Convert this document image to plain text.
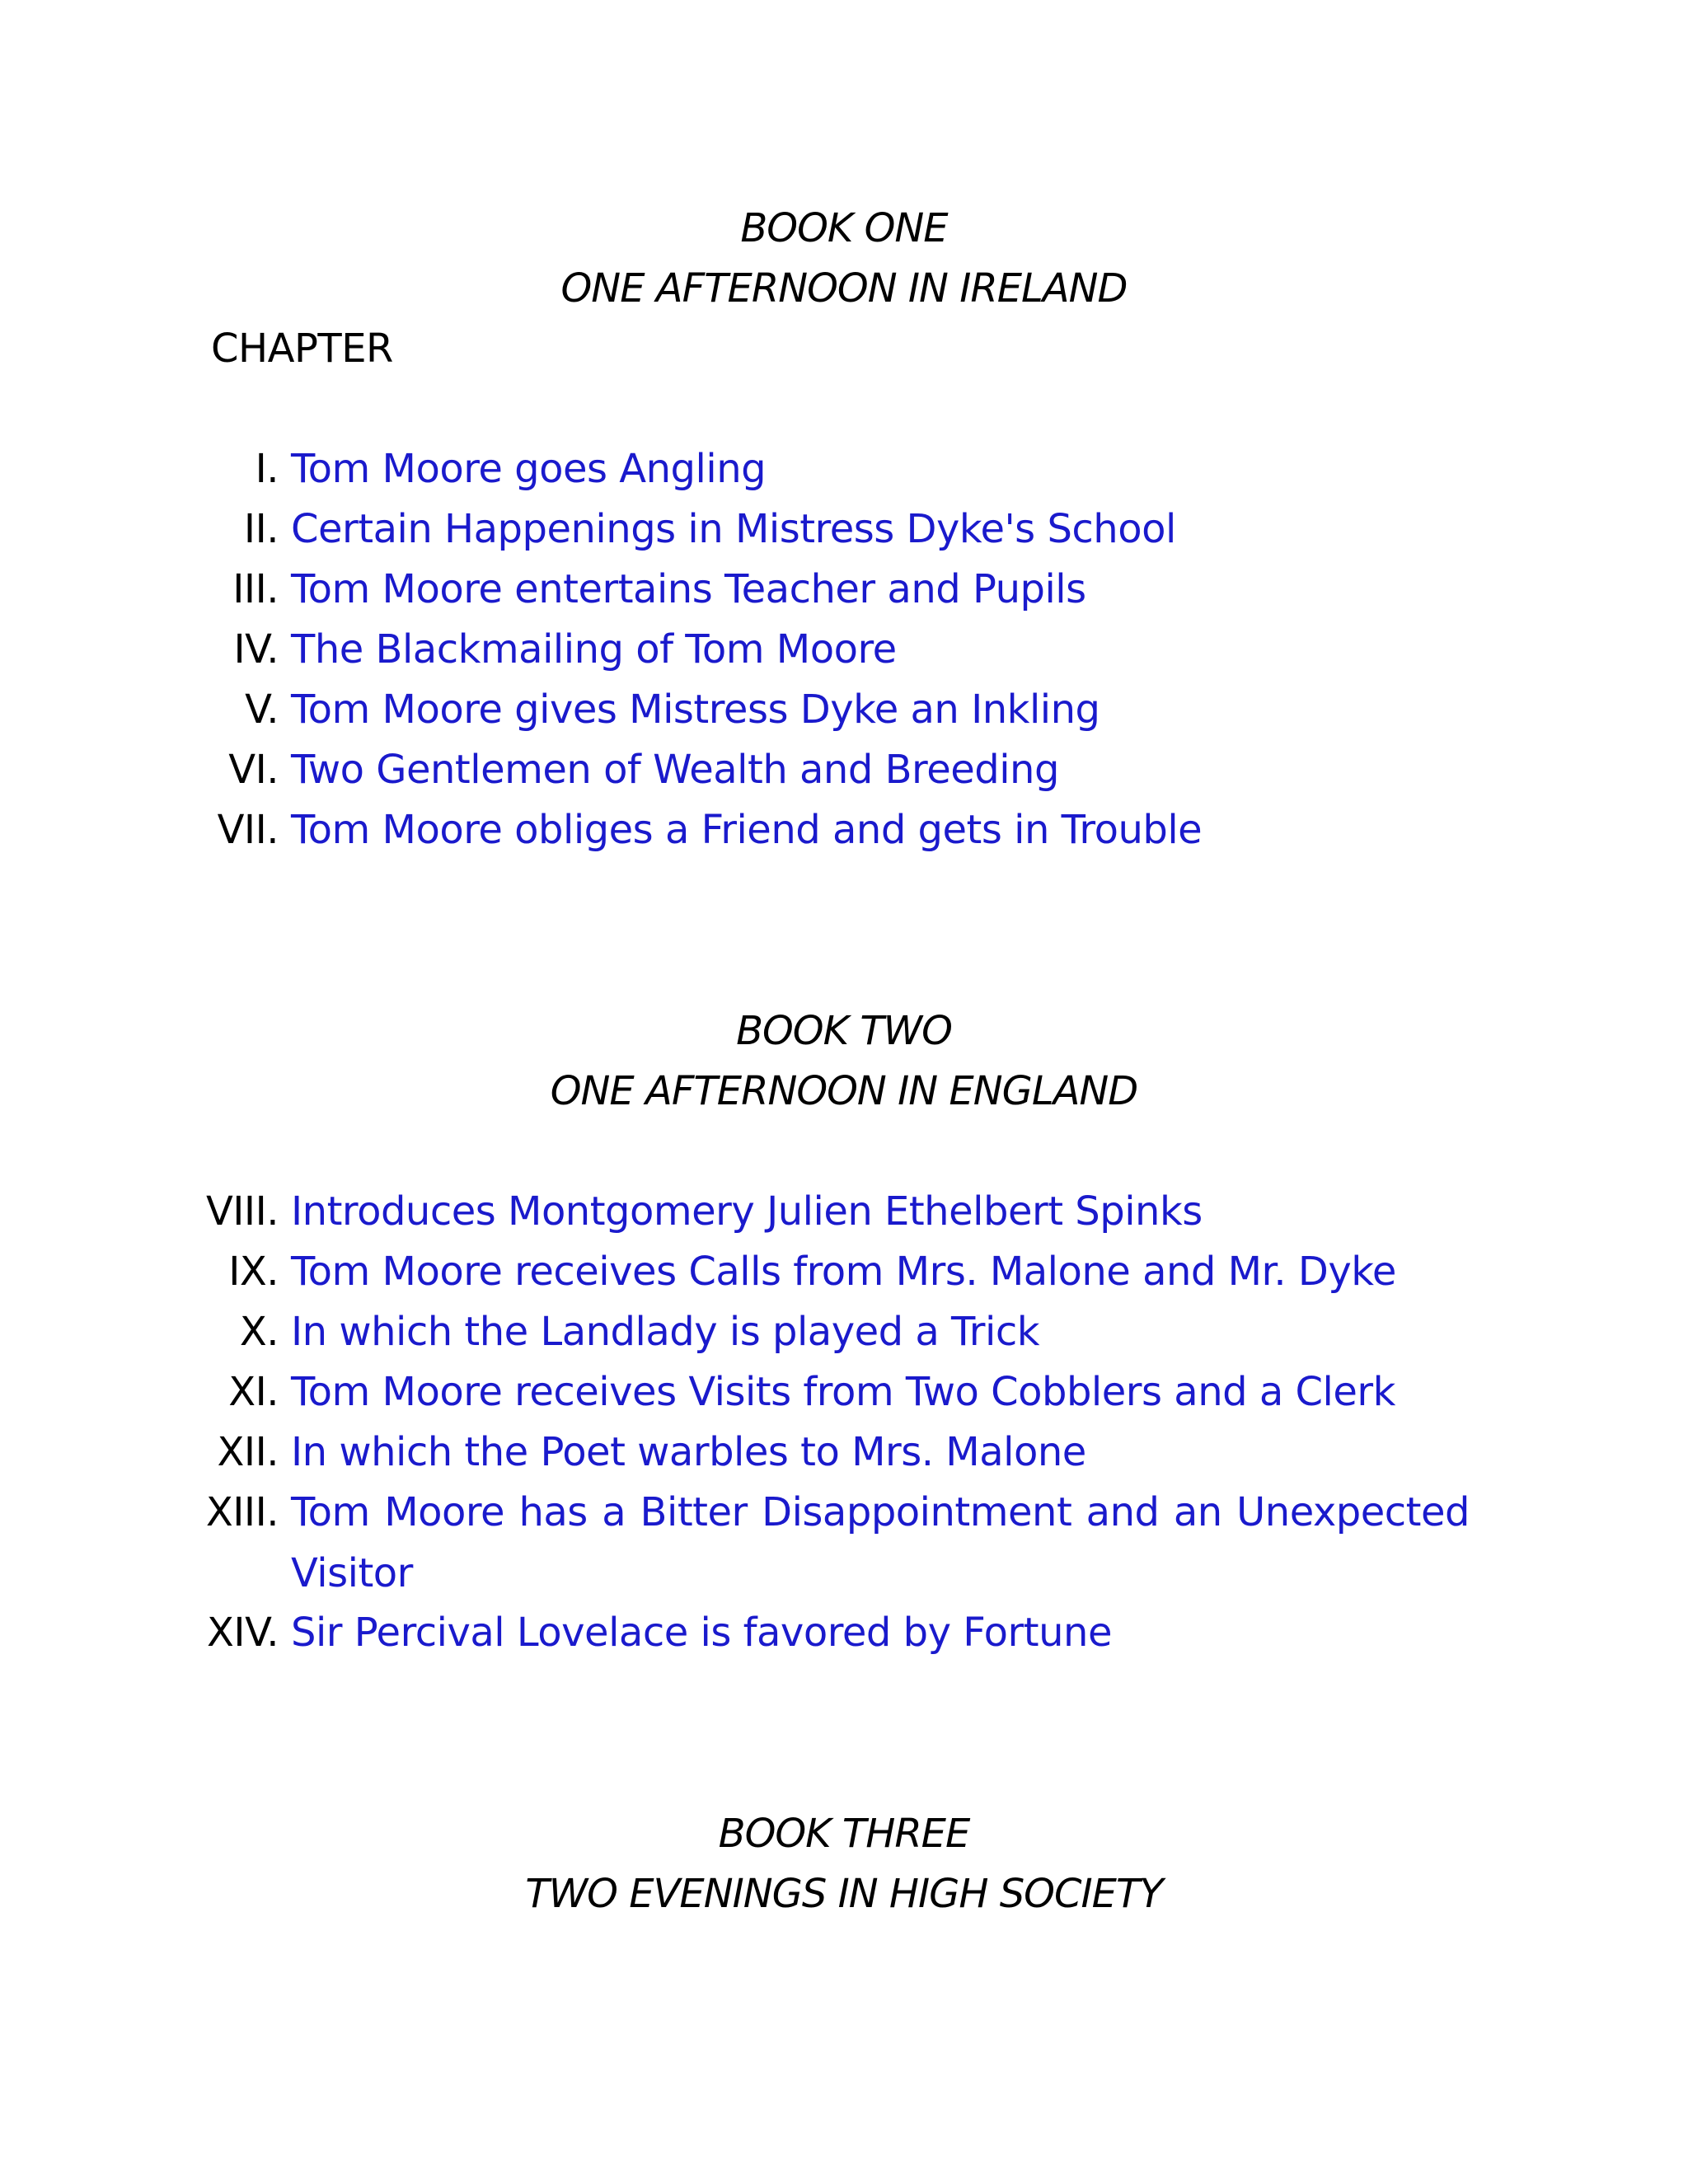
BOOK ONE
ONE AFTERNOON IN IRELAND
CHAPTER
I. Tom Moore goes Angling
II. Certain Happenings in Mistress Dyke's School
III. Tom Moore entertains Teacher and Pupils
IV. The Blackmailing of Tom Moore
V. Tom Moore gives Mistress Dyke an Inkling
VI. Two Gentlemen of Wealth and Breeding
VII. Tom Moore obliges a Friend and gets in Trouble
BOOK TWO
ONE AFTERNOON IN ENGLAND
VIII. Introduces Montgomery Julien Ethelbert Spinks
IX. Tom Moore receives Calls from Mrs. Malone and Mr. Dyke
X. In which the Landlady is played a Trick
XI. Tom Moore receives Visits from Two Cobblers and a Clerk
XII. In which the Poet warbles to Mrs. Malone
XIII. Tom Moore has a Bitter Disappointment and an Unexpected Visitor
XIV. Sir Percival Lovelace is favored by Fortune
BOOK THREE
TWO EVENINGS IN HIGH SOCIETY
